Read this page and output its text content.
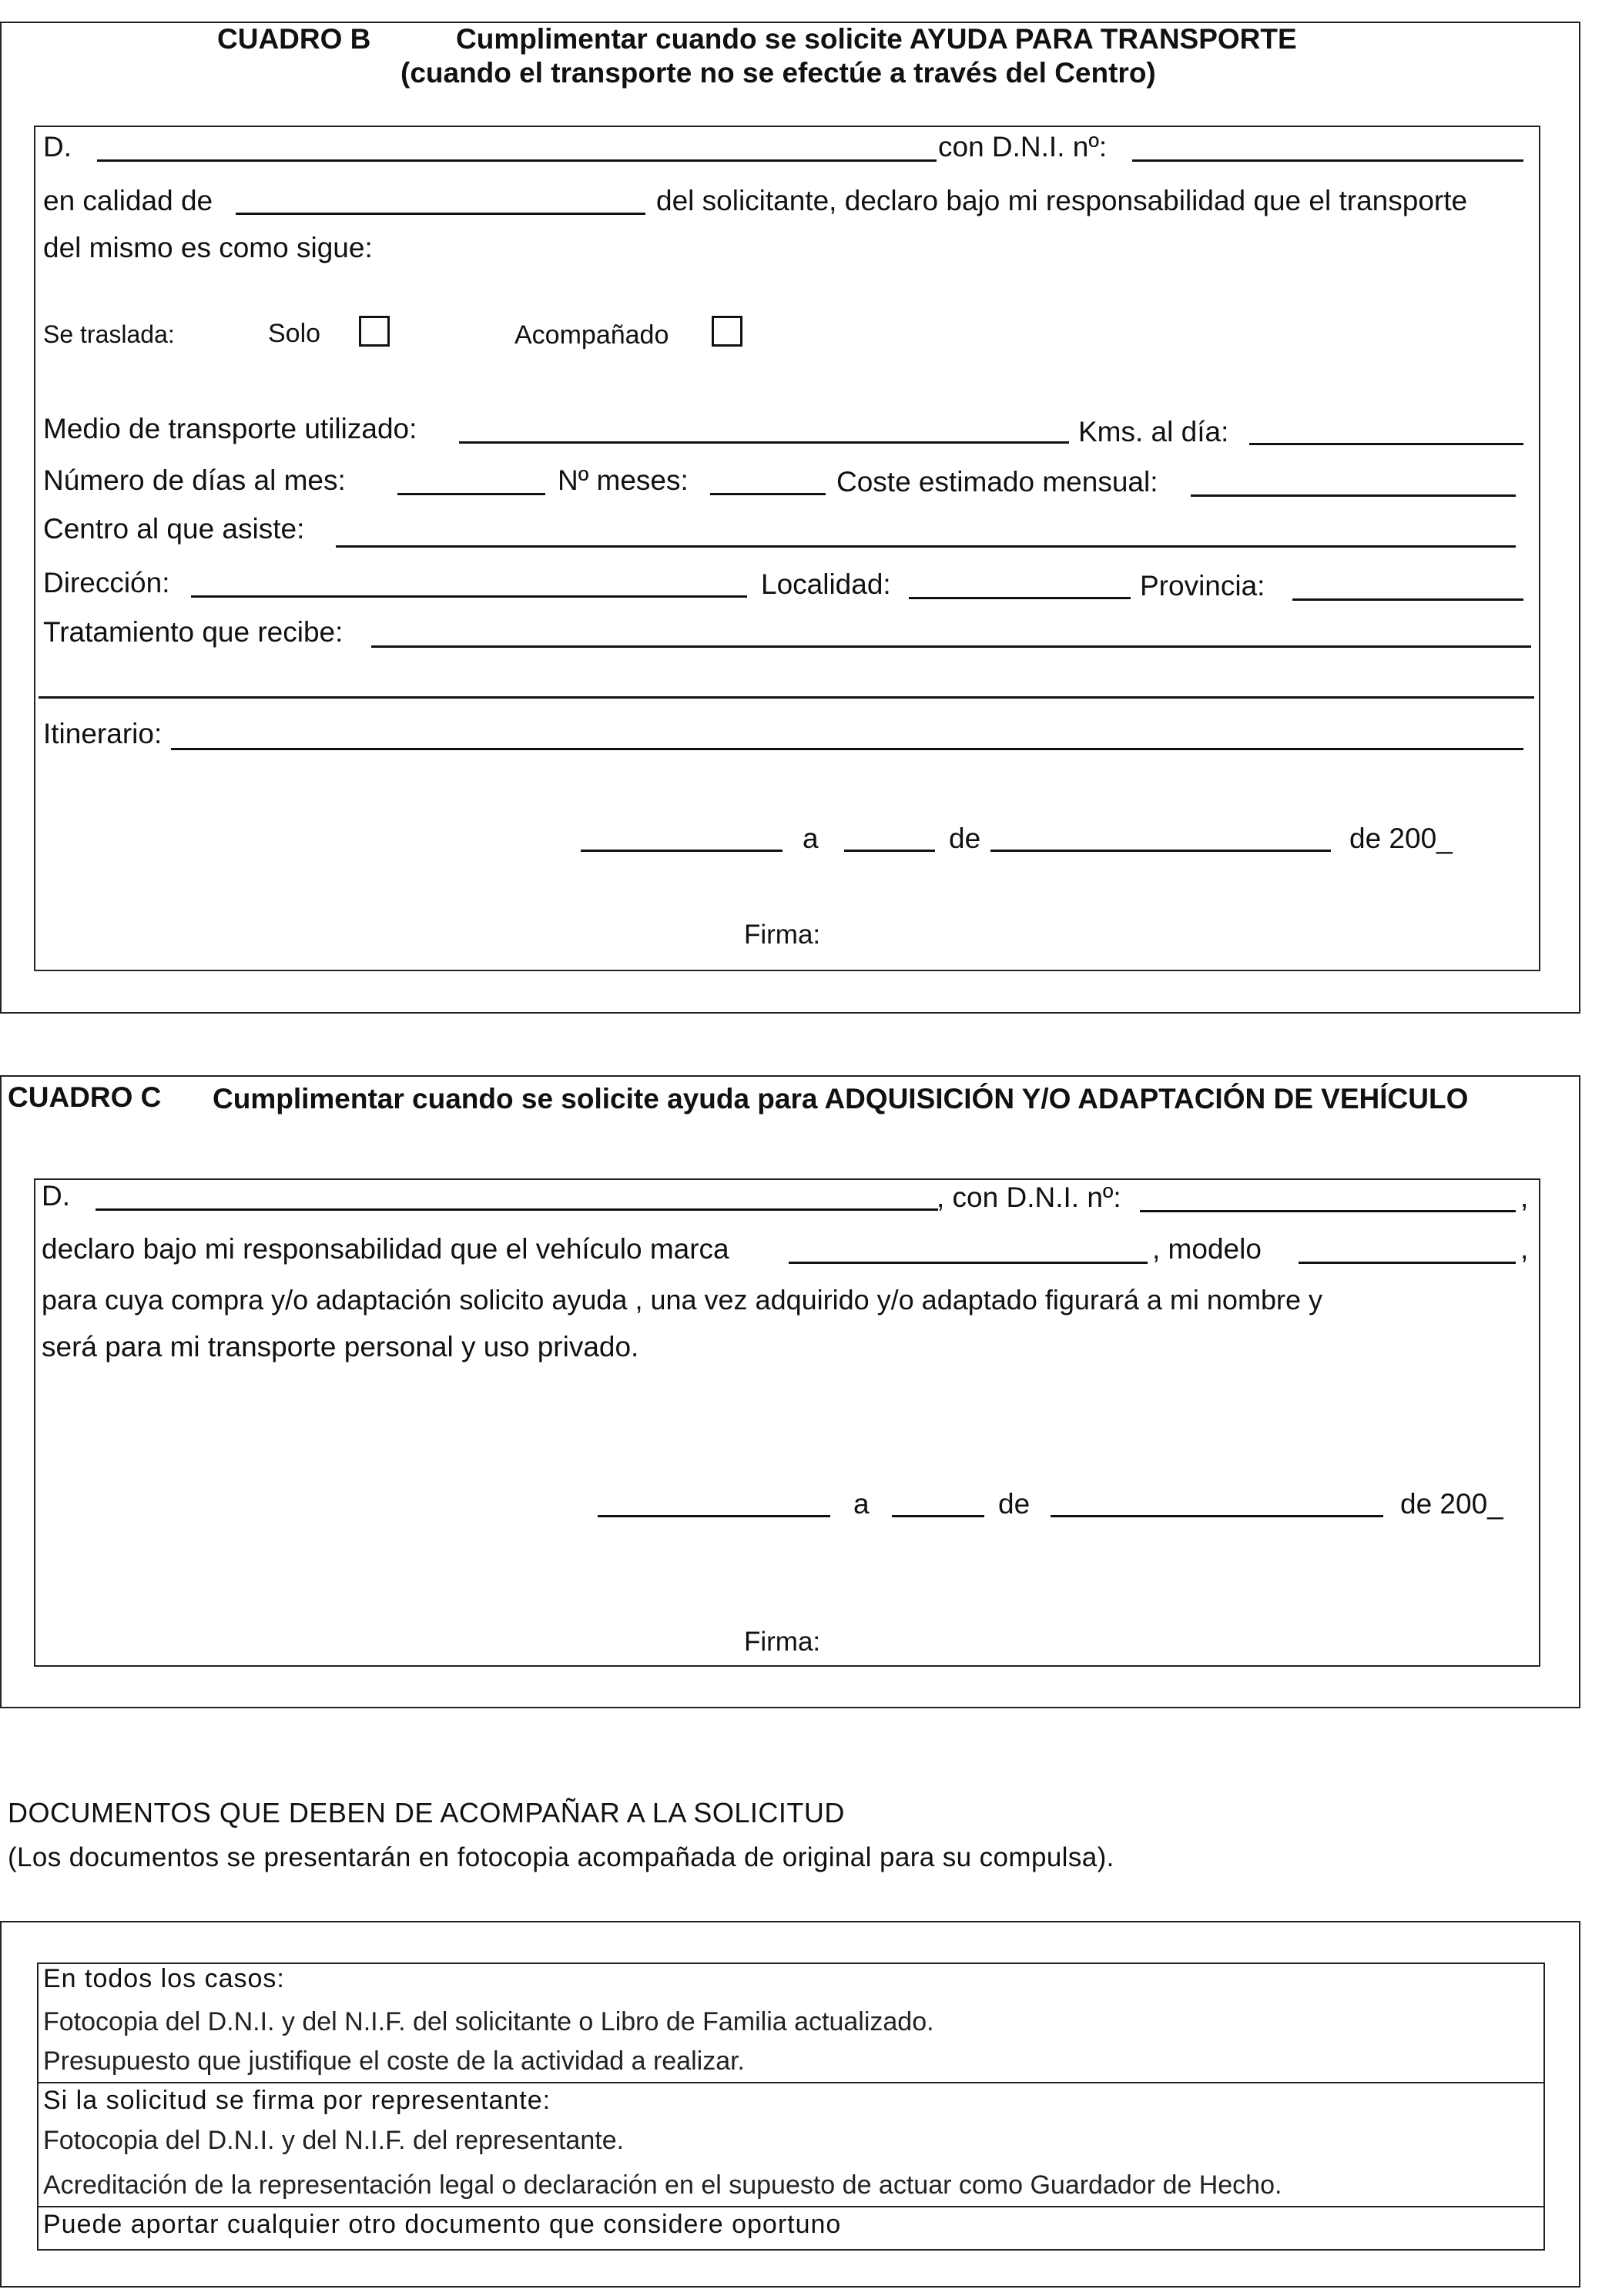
CUADRO B	Cumplimentar cuando se solicite AYUDA PARA TRANSPORTE
(cuando el transporte no se efectúe a través del Centro)
D.	con D.N.I. nº:
en calidad de	del solicitante, declaro bajo mi responsabilidad que el transporte
del mismo es como sigue:
Se traslada:	Solo	Acompañado
Medio de transporte utilizado:	Kms. al día:
Número de días al mes:	Nº meses:	Coste estimado mensual:
Centro al que asiste:
Dirección:	Localidad:	Provincia:
Tratamiento que recibe:
Itinerario:
a	de	de 200_
Firma:
CUADRO C Cumplimentar cuando se solicite ayuda para ADQUISICIÓN Y/O ADAPTACIÓN DE VEHÍCULO
D.	, con D.N.I. nº:	,
declaro bajo mi responsabilidad que el vehículo marca	, modelo	,
para cuya compra y/o adaptación solicito ayuda , una vez adquirido y/o adaptado figurará a mi nombre y
será para mi transporte personal y uso privado.
a	de	de 200_
Firma:
DOCUMENTOS QUE DEBEN DE ACOMPAÑAR A LA SOLICITUD
(Los documentos se presentarán en fotocopia acompañada de original para su compulsa).
En todos los casos:
Fotocopia del D.N.I. y del N.I.F. del solicitante o Libro de Familia actualizado.
Presupuesto que justifique el coste de la actividad a realizar.
Si la solicitud se firma por representante:
Fotocopia del D.N.I. y del N.I.F. del representante.
Acreditación de la representación legal o declaración en el supuesto de actuar como Guardador de Hecho.
Puede aportar cualquier otro documento que considere oportuno
